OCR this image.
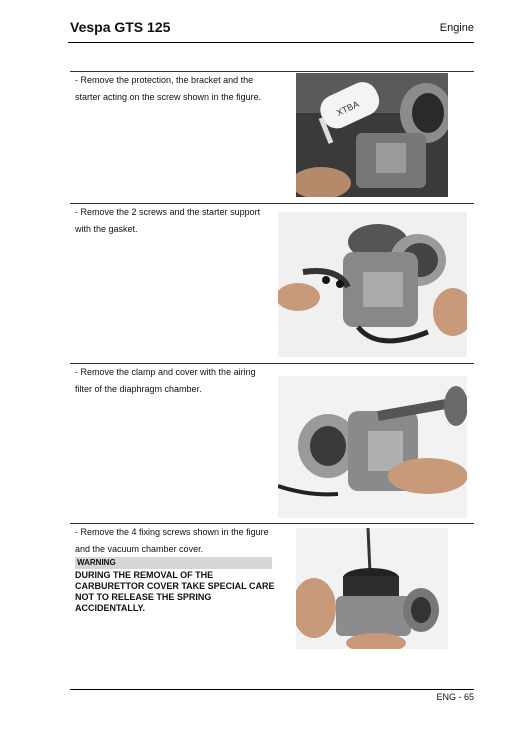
Vespa GTS 125	Engine
- Remove the protection, the bracket and the starter acting on the screw shown in the figure.
XTBA
- Remove the 2 screws and the starter support with the gasket.
- Remove the clamp and cover with the airing filter of the diaphragm chamber.
- Remove the 4 fixing screws shown in the figure and the vacuum chamber cover.
WARNING
DURING THE REMOVAL OF THE CARBURETTOR COVER TAKE SPECIAL CARE NOT TO RELEASE THE SPRING ACCIDENTALLY.
ENG - 65
